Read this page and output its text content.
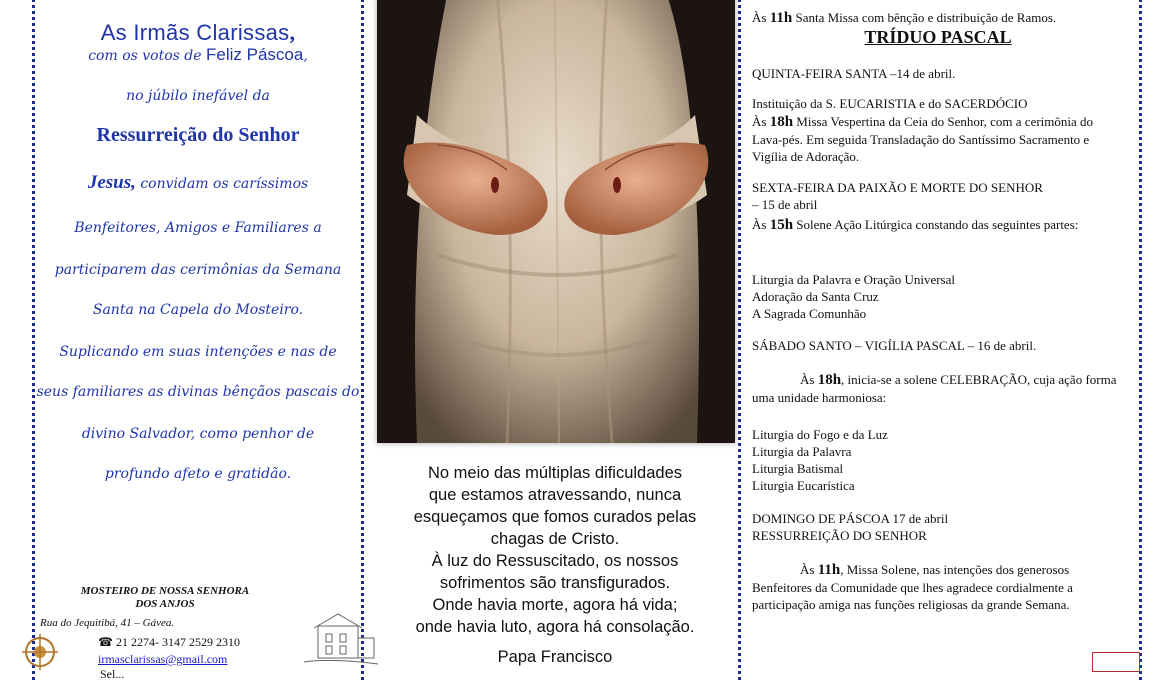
As Irmãs Clarissas,
com os votos de Feliz Páscoa,
no júbilo inefável da
Ressurreição do Senhor
Jesus, convidam os caríssimos
Benfeitores, Amigos e Familiares a
participarem das cerimônias da Semana
Santa na Capela do Mosteiro.
Suplicando em suas intenções e nas de
seus familiares as divinas bênçãos pascais do
divino Salvador, como penhor de
profundo afeto e gratidão.
MOSTEIRO DE NOSSA SENHORA
DOS ANJOS
Rua do Jequitibá, 41 – Gávea.
☎ 21 2274- 3147 2529 2310
irmasclarissas@gmail.com
Sel...
No meio das múltiplas dificuldades
que estamos atravessando, nunca
esqueçamos que fomos curados pelas
chagas de Cristo.
À luz do Ressuscitado, os nossos
sofrimentos são transfigurados.
Onde havia morte, agora há vida;
onde havia luto, agora há consolação.
Papa Francisco
Às 11h Santa Missa com bênção e distribuição de Ramos.
TRÍDUO PASCAL
QUINTA-FEIRA SANTA –14 de abril.
Instituição da S. EUCARISTIA e do SACERDÓCIO
Às 18h Missa Vespertina da Ceia do Senhor, com a cerimônia do Lava-pés. Em seguida Transladação do Santíssimo Sacramento e Vigília de Adoração.
SEXTA-FEIRA DA PAIXÃO E MORTE DO SENHOR
– 15 de abril
Às 15h Solene Ação Litúrgica constando das seguintes partes:
Liturgia da Palavra e Oração Universal
Adoração da Santa Cruz
A Sagrada Comunhão
SÁBADO SANTO – VIGÍLIA PASCAL – 16 de abril.
Às 18h, inicia-se a solene CELEBRAÇÃO, cuja ação forma uma unidade harmoniosa:
Liturgia do Fogo e da Luz
Liturgia da Palavra
Liturgia Batismal
Liturgia Eucarística
DOMINGO DE PÁSCOA 17 de abril
RESSURREIÇÃO DO SENHOR
Às 11h, Missa Solene, nas intenções dos generosos Benfeitores da Comunidade que lhes agradece cordialmente a participação amiga nas funções religiosas da grande Semana.
